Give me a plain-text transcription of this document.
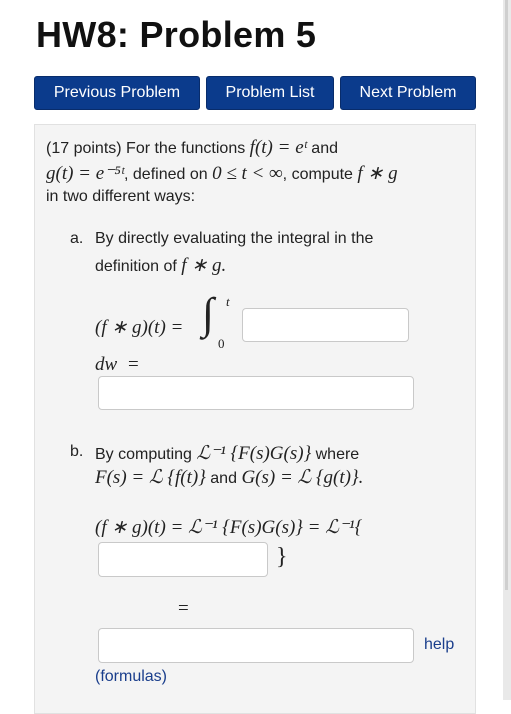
HW8: Problem 5
Previous Problem	Problem List	Next Problem
(17 points) For the functions f(t) = eᵗ and
g(t) = e⁻⁵ᵗ, defined on 0 ≤ t < ∞, compute f ∗ g
in two different ways:
a. By directly evaluating the integral in the
definition of f ∗ g.
(f ∗ g)(t) = ∫ t
0
dw =
b. By computing ℒ⁻¹ {F(s)G(s)} where
F(s) = ℒ {f(t)} and G(s) = ℒ {g(t)}.
(f ∗ g)(t) = ℒ⁻¹ {F(s)G(s)} = ℒ⁻¹{
}
=
help
(formulas)
